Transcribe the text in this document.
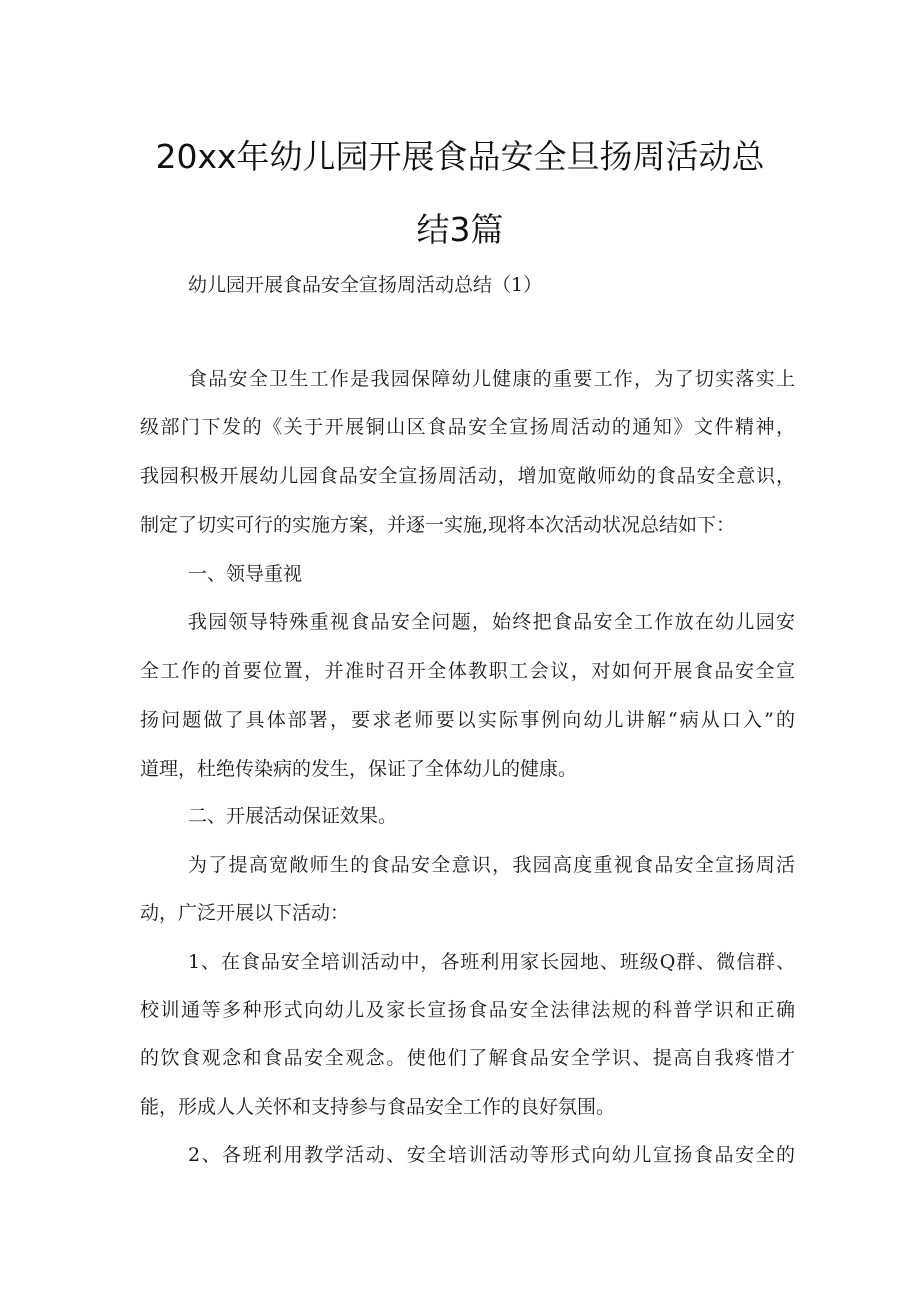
20xx年幼儿园开展食品安全旦扬周活动总
结3篇
幼儿园开展食品安全宣扬周活动总结（1）
食品安全卫生工作是我园保障幼儿健康的重要工作，为了切实落实上
级部门下发的《关于开展铜山区食品安全宣扬周活动的通知》文件精神，
我园积极开展幼儿园食品安全宣扬周活动，增加宽敞师幼的食品安全意识，
制定了切实可行的实施方案，并逐一实施,现将本次活动状况总结如下：
一、领导重视
我园领导特殊重视食品安全问题，始终把食品安全工作放在幼儿园安
全工作的首要位置，并准时召开全体教职工会议，对如何开展食品安全宣
扬问题做了具体部署，要求老师要以实际事例向幼儿讲解“病从口入”的
道理，杜绝传染病的发生，保证了全体幼儿的健康。
二、开展活动保证效果。
为了提高宽敞师生的食品安全意识，我园高度重视食品安全宣扬周活
动，广泛开展以下活动：
1、在食品安全培训活动中，各班利用家长园地、班级Q群、微信群、
校训通等多种形式向幼儿及家长宣扬食品安全法律法规的科普学识和正确
的饮食观念和食品安全观念。使他们了解食品安全学识、提高自我疼惜才
能，形成人人关怀和支持参与食品安全工作的良好氛围。
2、各班利用教学活动、安全培训活动等形式向幼儿宣扬食品安全的
